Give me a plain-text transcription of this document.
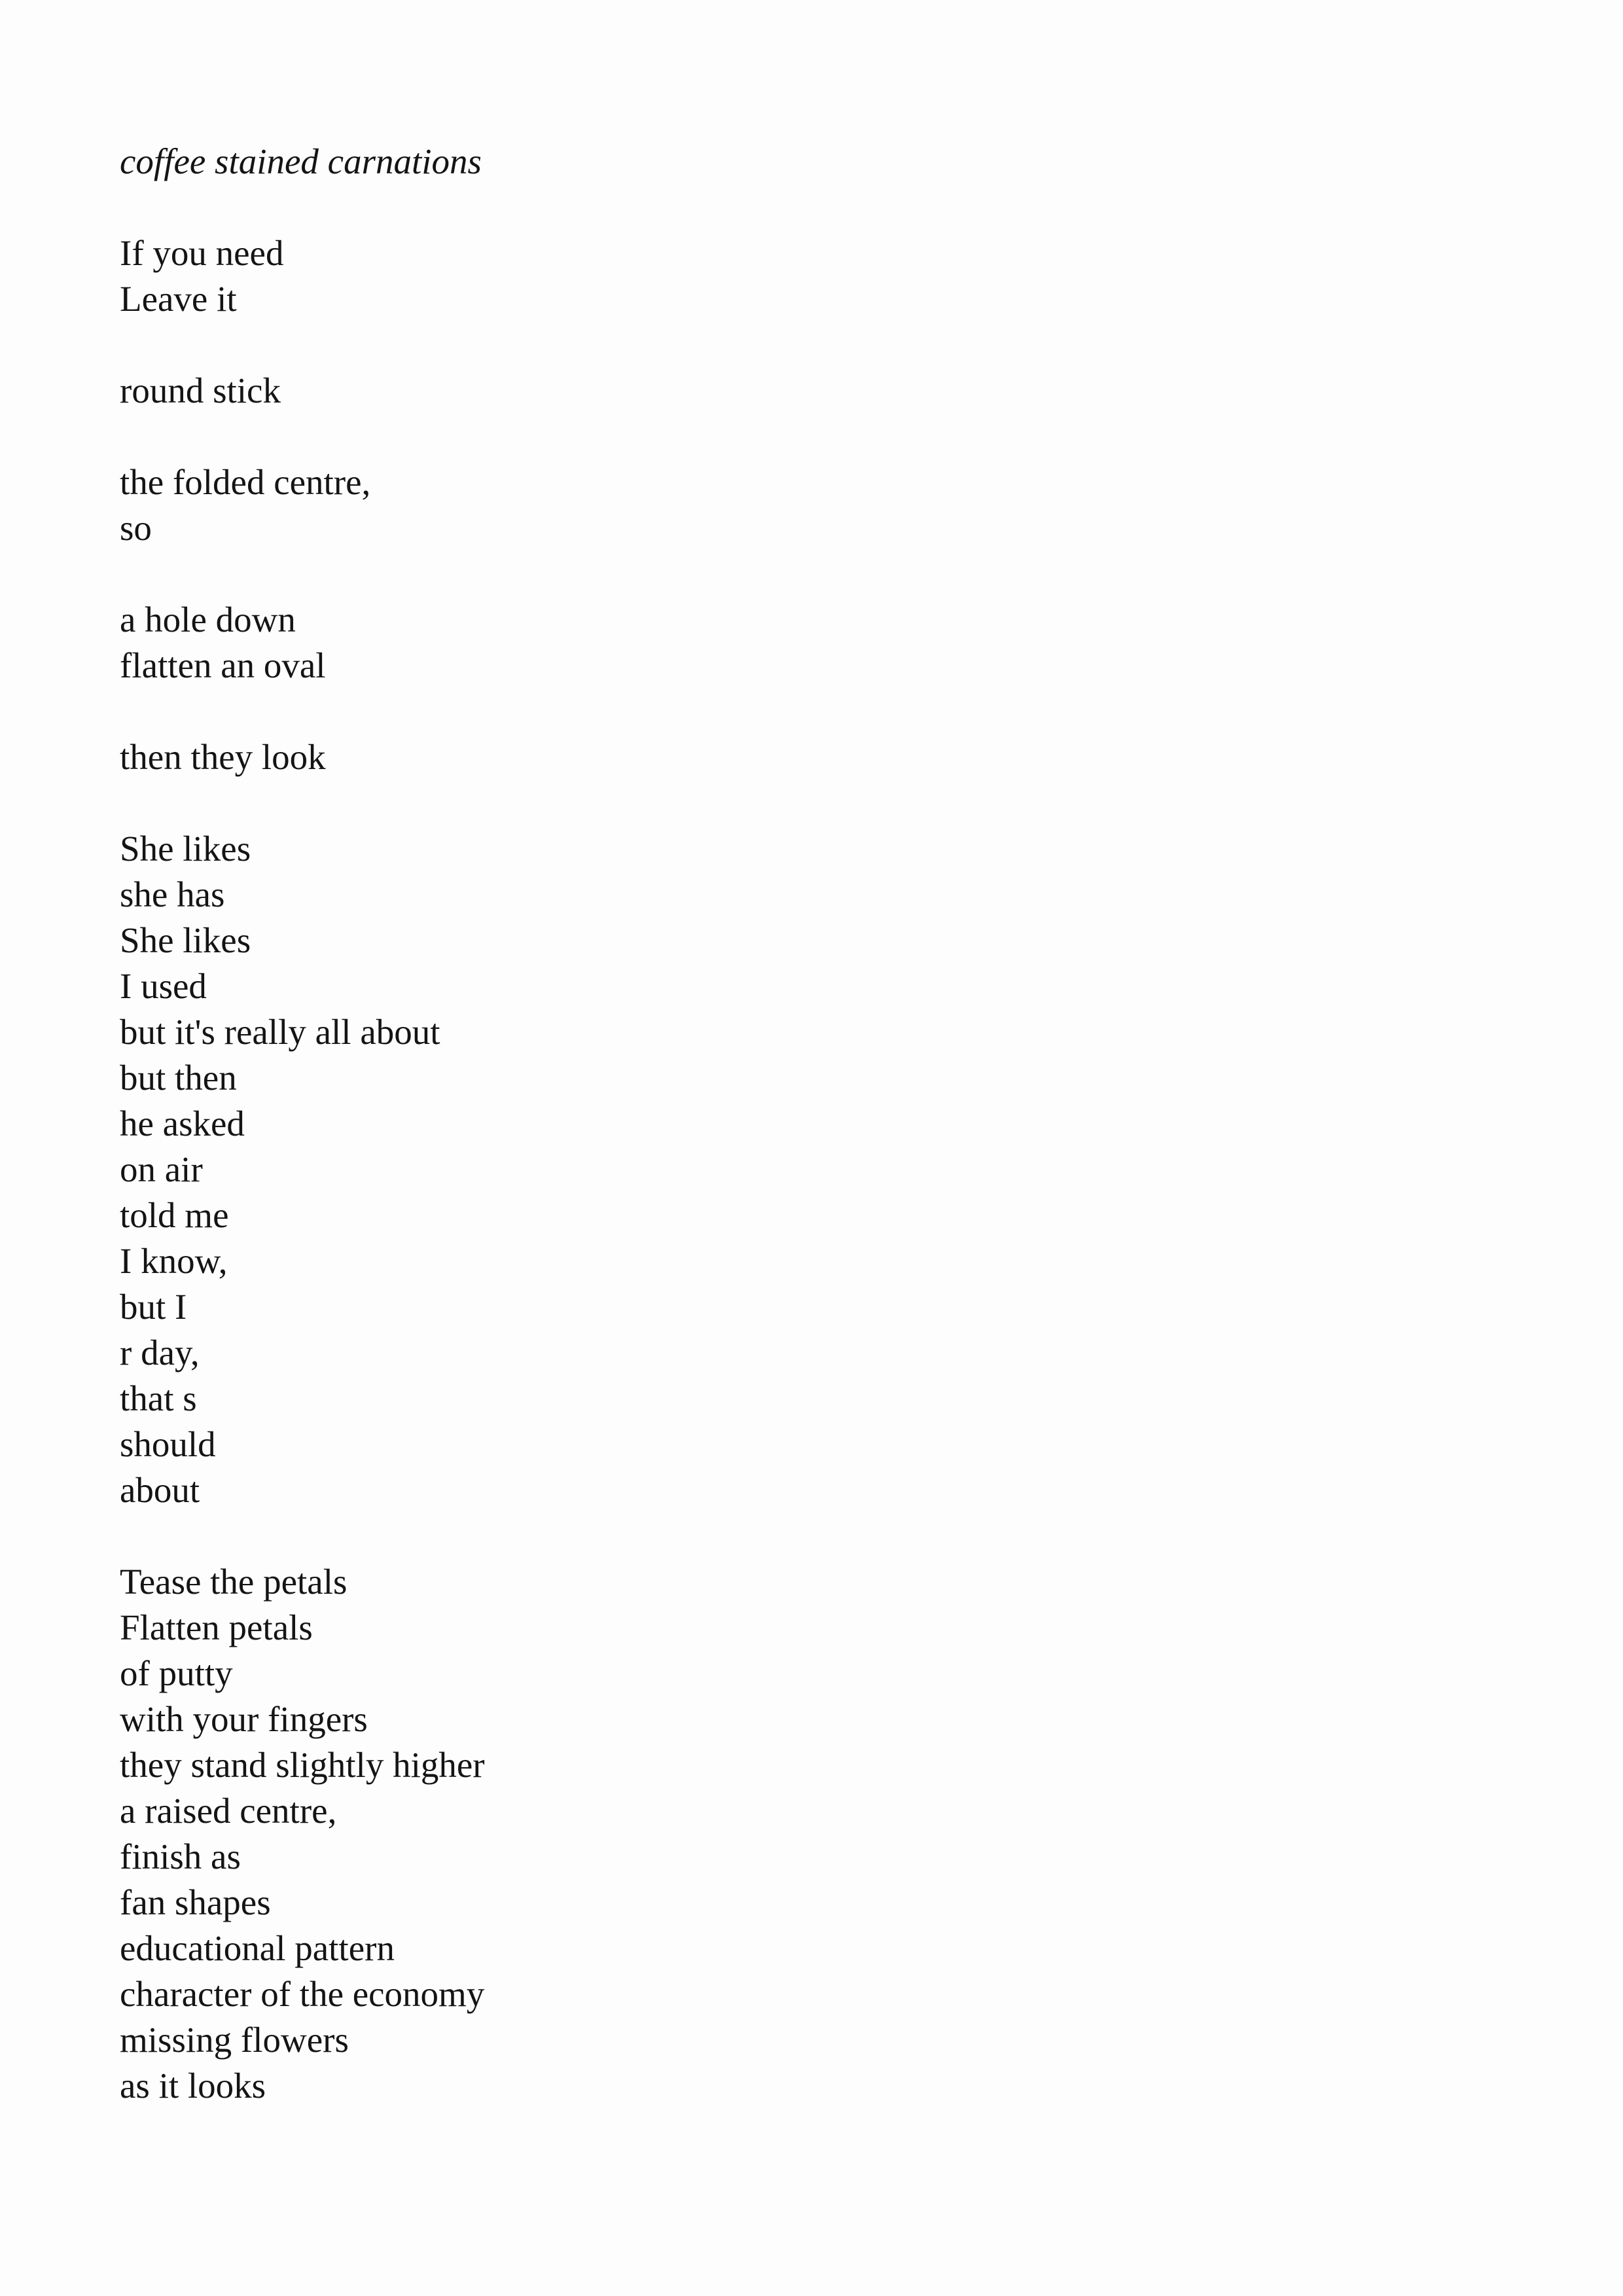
coffee stained carnations
If you need
Leave it
round stick
the folded centre,
so
a hole down
flatten an oval
then they look
She likes
she has
She likes
I used
but it's really all about
but then
he asked
on air
told me
I know,
but I
r day,
that s
should
about
Tease the petals
Flatten petals
of putty
with your fingers
they stand slightly higher
a raised centre,
finish as
fan shapes
educational pattern
character of the economy
missing flowers
as it looks
